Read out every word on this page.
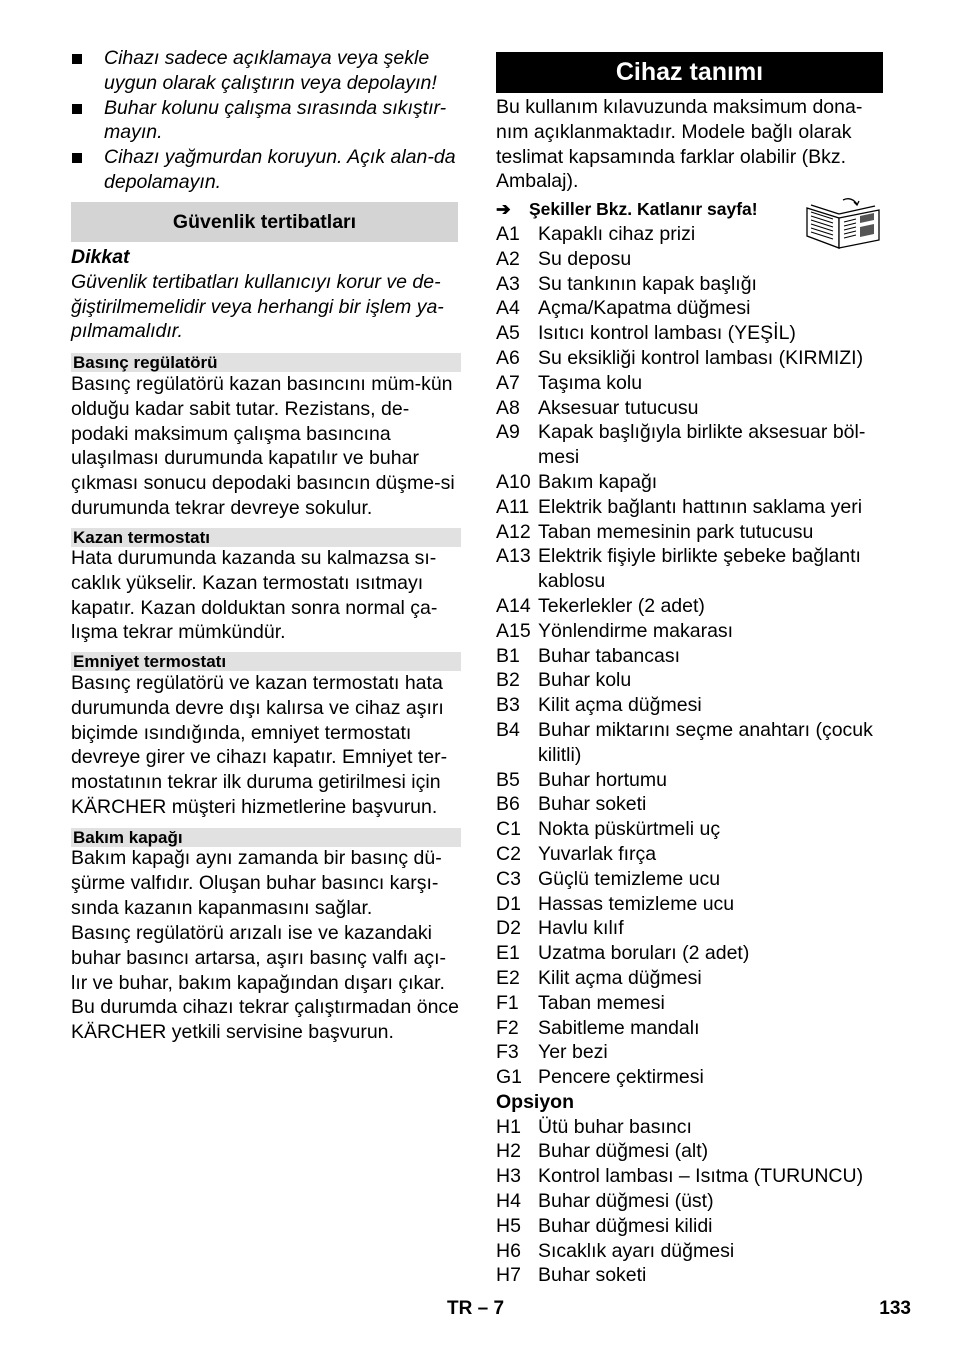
Cihazı sadece açıklamaya veya şekle uygun olarak çalıştırın veya depolayın!
Buhar kolunu çalışma sırasında sıkıştır-mayın.
Cihazı yağmurdan koruyun. Açık alan-da depolamayın.
Güvenlik tertibatları
Dikkat
Güvenlik tertibatları kullanıcıyı korur ve de-ğiştirilmemelidir veya herhangi bir işlem ya-pılmamalıdır.
Basınç regülatörü
Basınç regülatörü kazan basıncını müm-kün olduğu kadar sabit tutar. Rezistans, de-podaki maksimum çalışma basıncına ulaşılması durumunda kapatılır ve buhar çıkması sonucu depodaki basıncın düşme-si durumunda tekrar devreye sokulur.
Kazan termostatı
Hata durumunda kazanda su kalmazsa sı-caklık yükselir. Kazan termostatı ısıtmayı kapatır. Kazan dolduktan sonra normal ça-lışma tekrar mümkündür.
Emniyet termostatı
Basınç regülatörü ve kazan termostatı hata durumunda devre dışı kalırsa ve cihaz aşırı biçimde ısındığında, emniyet termostatı devreye girer ve cihazı kapatır. Emniyet ter-mostatının tekrar ilk duruma getirilmesi için KÄRCHER müşteri hizmetlerine başvurun.
Bakım kapağı
Bakım kapağı aynı zamanda bir basınç dü-şürme valfıdır. Oluşan buhar basıncı karşı-sında kazanın kapanmasını sağlar.
Basınç regülatörü arızalı ise ve kazandaki buhar basıncı artarsa, aşırı basınç valfı açı-lır ve buhar, bakım kapağından dışarı çıkar. Bu durumda cihazı tekrar çalıştırmadan önce KÄRCHER yetkili servisine başvurun.
Cihaz tanımı
Bu kullanım kılavuzunda maksimum dona-nım açıklanmaktadır. Modele bağlı olarak teslimat kapsamında farklar olabilir (Bkz. Ambalaj).
➔ Şekiller Bkz. Katlanır sayfa!
A1 Kapaklı cihaz prizi
A2 Su deposu
A3 Su tankının kapak başlığı
A4 Açma/Kapatma düğmesi
A5 Isıtıcı kontrol lambası (YEŞİL)
A6 Su eksikliği kontrol lambası (KIRMIZI)
A7 Taşıma kolu
A8 Aksesuar tutucusu
A9 Kapak başlığıyla birlikte aksesuar böl-mesi
A10 Bakım kapağı
A11 Elektrik bağlantı hattının saklama yeri
A12 Taban memesinin park tutucusu
A13 Elektrik fişiyle birlikte şebeke bağlantı kablosu
A14 Tekerlekler (2 adet)
A15 Yönlendirme makarası
B1 Buhar tabancası
B2 Buhar kolu
B3 Kilit açma düğmesi
B4 Buhar miktarını seçme anahtarı (çocuk kilitli)
B5 Buhar hortumu
B6 Buhar soketi
C1 Nokta püskürtmeli uç
C2 Yuvarlak fırça
C3 Güçlü temizleme ucu
D1 Hassas temizleme ucu
D2 Havlu kılıf
E1 Uzatma boruları (2 adet)
E2 Kilit açma düğmesi
F1 Taban memesi
F2 Sabitleme mandalı
F3 Yer bezi
G1 Pencere çektirmesi
Opsiyon
H1 Ütü buhar basıncı
H2 Buhar düğmesi (alt)
H3 Kontrol lambası – Isıtma (TURUNCU)
H4 Buhar düğmesi (üst)
H5 Buhar düğmesi kilidi
H6 Sıcaklık ayarı düğmesi
H7 Buhar soketi
TR – 7	133
